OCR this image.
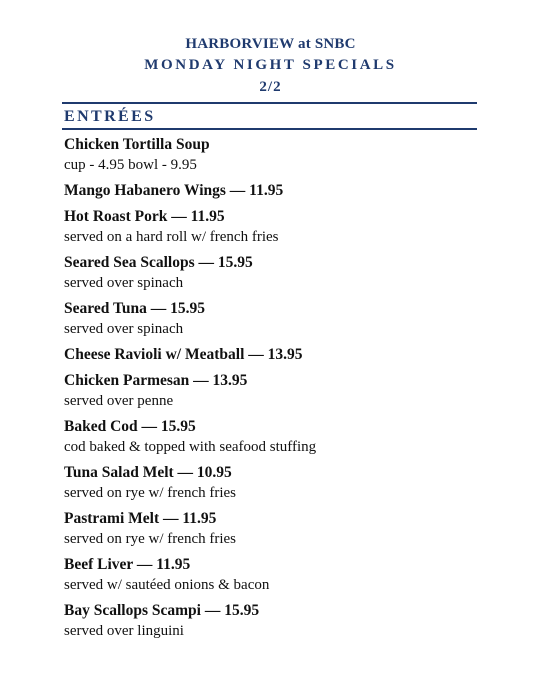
HARBORVIEW at SNBC
MONDAY NIGHT SPECIALS
2/2
ENTRÉES
Chicken Tortilla Soup
cup - 4.95 bowl - 9.95
Mango Habanero Wings — 11.95
Hot Roast Pork — 11.95
served on a hard roll w/ french fries
Seared Sea Scallops — 15.95
served over spinach
Seared Tuna — 15.95
served over spinach
Cheese Ravioli w/ Meatball — 13.95
Chicken Parmesan — 13.95
served over penne
Baked Cod — 15.95
cod baked & topped with seafood stuffing
Tuna Salad Melt — 10.95
served on rye w/ french fries
Pastrami Melt — 11.95
served on rye w/ french fries
Beef Liver — 11.95
served w/ sautéed onions & bacon
Bay Scallops Scampi — 15.95
served over linguini
